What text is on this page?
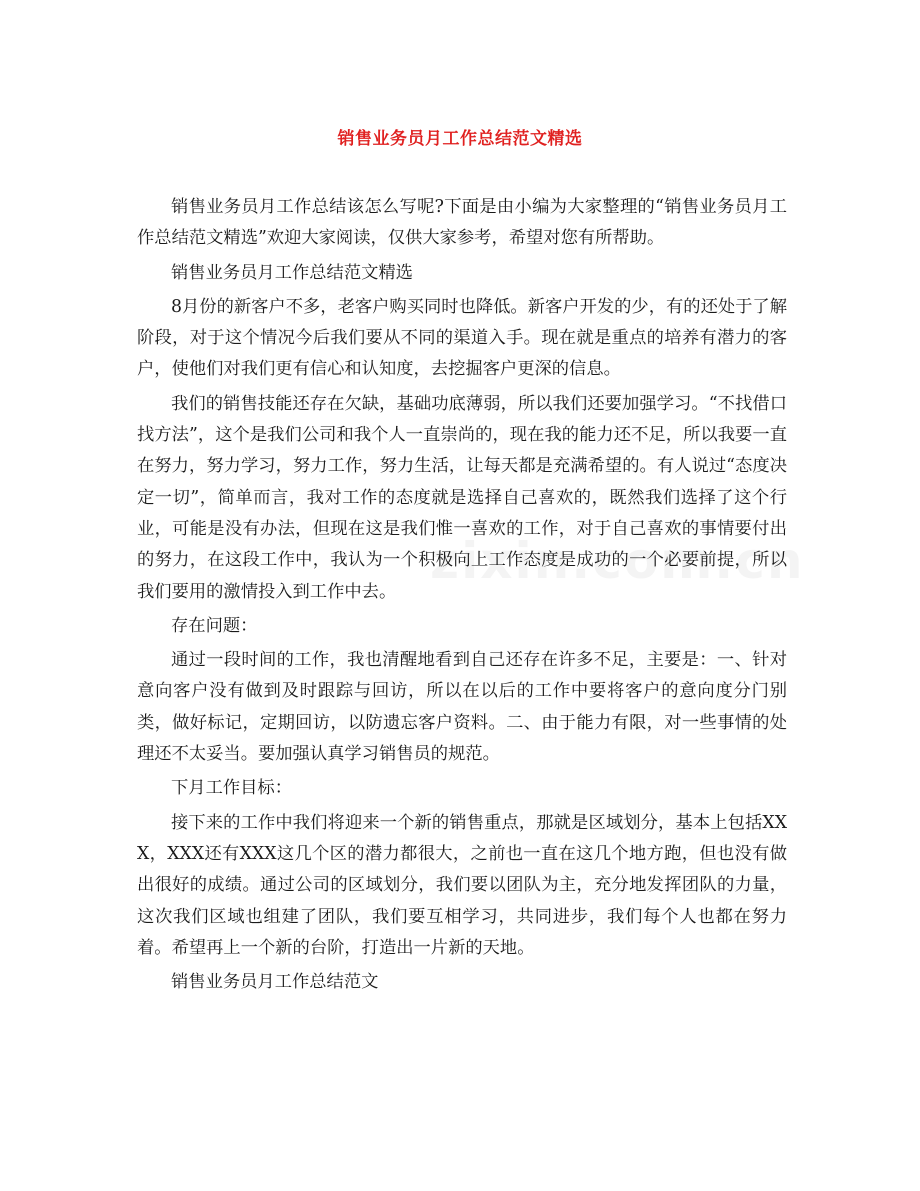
销售业务员月工作总结范文精选

销售业务员月工作总结该怎么写呢?下面是由小编为大家整理的“销售业务员月工作总结范文精选”欢迎大家阅读，仅供大家参考，希望对您有所帮助。

销售业务员月工作总结范文精选

8月份的新客户不多，老客户购买同时也降低。新客户开发的少，有的还处于了解阶段，对于这个情况今后我们要从不同的渠道入手。现在就是重点的培养有潜力的客户，使他们对我们更有信心和认知度，去挖掘客户更深的信息。

我们的销售技能还存在欠缺，基础功底薄弱，所以我们还要加强学习。“不找借口找方法”，这个是我们公司和我个人一直崇尚的，现在我的能力还不足，所以我要一直在努力，努力学习，努力工作，努力生活，让每天都是充满希望的。有人说过“态度决定一切”，简单而言，我对工作的态度就是选择自己喜欢的，既然我们选择了这个行业，可能是没有办法，但现在这是我们惟一喜欢的工作，对于自己喜欢的事情要付出的努力，在这段工作中，我认为一个积极向上工作态度是成功的一个必要前提，所以我们要用的激情投入到工作中去。

存在问题：

通过一段时间的工作，我也清醒地看到自己还存在许多不足，主要是：一、针对意向客户没有做到及时跟踪与回访，所以在以后的工作中要将客户的意向度分门别类，做好标记，定期回访，以防遗忘客户资料。二、由于能力有限，对一些事情的处理还不太妥当。要加强认真学习销售员的规范。

下月工作目标：

接下来的工作中我们将迎来一个新的销售重点，那就是区域划分，基本上包括XXX，XXX还有XXX这几个区的潜力都很大，之前也一直在这几个地方跑，但也没有做出很好的成绩。通过公司的区域划分，我们要以团队为主，充分地发挥团队的力量，这次我们区域也组建了团队，我们要互相学习，共同进步，我们每个人也都在努力着。希望再上一个新的台阶，打造出一片新的天地。

销售业务员月工作总结范文
